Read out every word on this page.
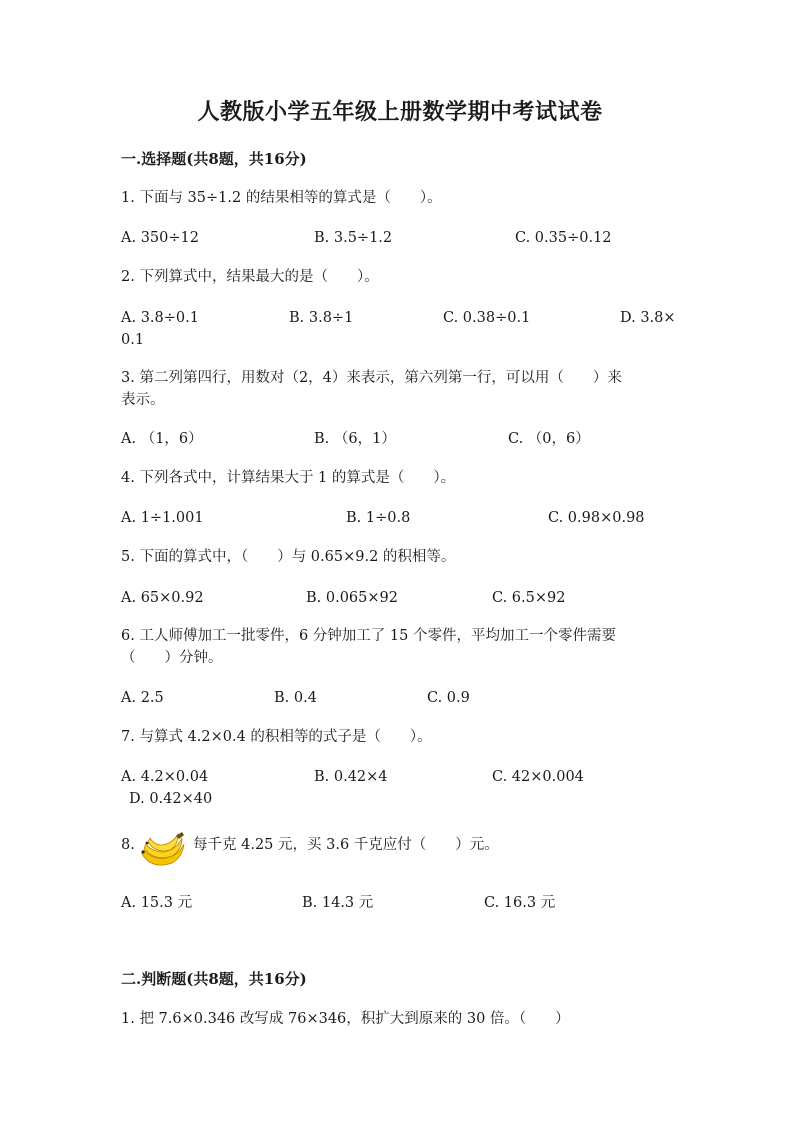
人教版小学五年级上册数学期中考试试卷
一.选择题(共8题，共16分)
1. 下面与 35÷1.2 的结果相等的算式是（　　）。
A. 350÷12	B. 3.5÷1.2	C. 0.35÷0.12
2. 下列算式中，结果最大的是（　　）。
A. 3.8÷0.1	B. 3.8÷1	C. 0.38÷0.1	D. 3.8×
0.1
3. 第二列第四行，用数对（2，4）来表示，第六列第一行，可以用（　　）来
表示。
A. （1，6）	B. （6，1）	C. （0，6）
4. 下列各式中，计算结果大于 1 的算式是（　　）。
A. 1÷1.001	B. 1÷0.8	C. 0.98×0.98
5. 下面的算式中，（　　）与 0.65×9.2 的积相等。
A. 65×0.92	B. 0.065×92	C. 6.5×92
6. 工人师傅加工一批零件，6 分钟加工了 15 个零件，平均加工一个零件需要
（　　）分钟。
A. 2.5	B. 0.4	C. 0.9
7. 与算式 4.2×0.4 的积相等的式子是（　　）。
A. 4.2×0.04	B. 0.42×4	C. 42×0.004
D. 0.42×40
8.	每千克 4.25 元，买 3.6 千克应付（　　）元。
A. 15.3 元	B. 14.3 元	C. 16.3 元
二.判断题(共8题，共16分)
1. 把 7.6×0.346 改写成 76×346，积扩大到原来的 30 倍。（　　）
